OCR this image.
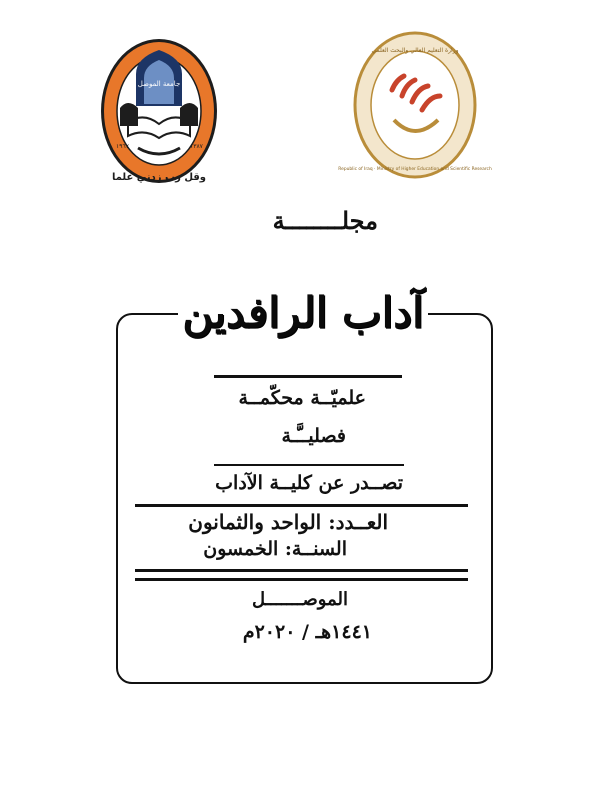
وقل رب زدني علما
جامعة الموصل
١٩٦٧	١٣٨٧
وزارة التعليم العالي والبحث العلمي
Republic of Iraq · Ministry of Higher Education and Scientific Research
مجلــــــــة
آداب الرافدين
علميّــة محكّمــة
فصليــَّـة
تصــدر عن كليــة الآداب
العــدد: الواحد والثمانون
السنــة: الخمسون
الموصـــــــل
١٤٤١هـ / ٢٠٢٠م
